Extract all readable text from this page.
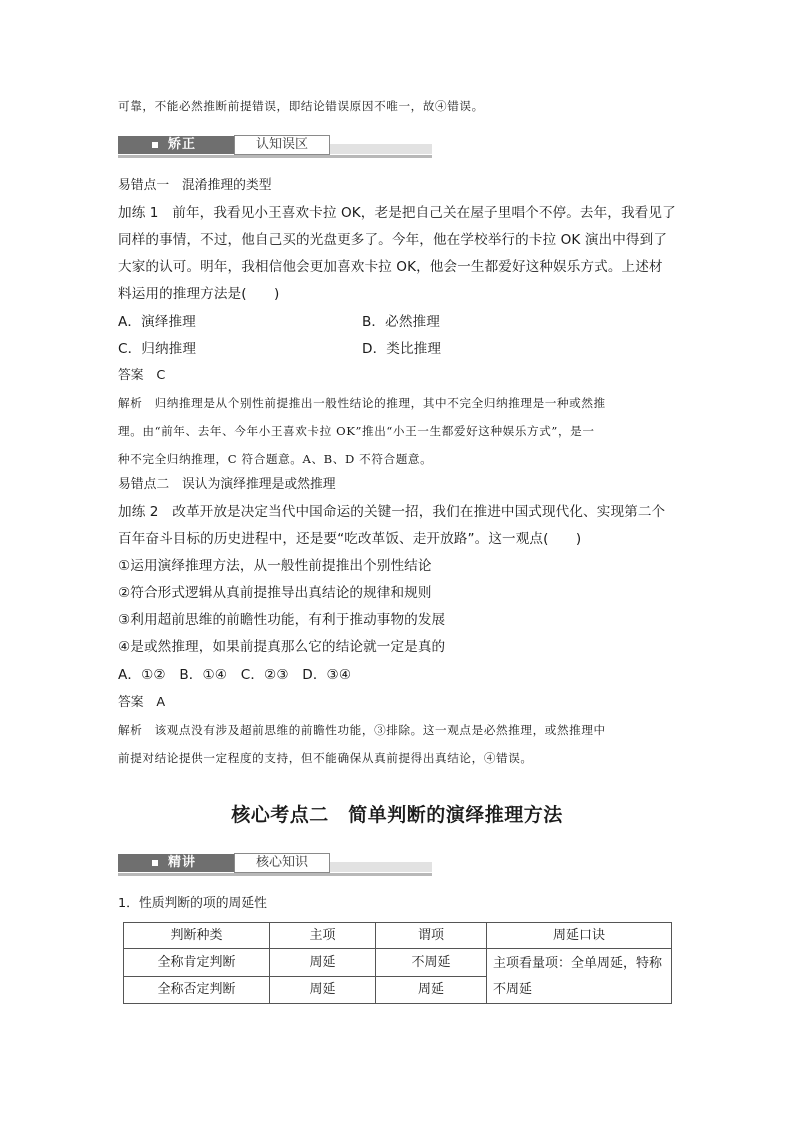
可靠，不能必然推断前提错误，即结论错误原因不唯一，故④错误。
矫正	认知误区
易错点一　混淆推理的类型
加练 1　前年，我看见小王喜欢卡拉 OK，老是把自己关在屋子里唱个不停。去年，我看见了
同样的事情，不过，他自己买的光盘更多了。今年，他在学校举行的卡拉 OK 演出中得到了
大家的认可。明年，我相信他会更加喜欢卡拉 OK，他会一生都爱好这种娱乐方式。上述材
料运用的推理方法是(　　)
A．演绎推理	B．必然推理
C．归纳推理	D．类比推理
答案　C
解析　归纳推理是从个别性前提推出一般性结论的推理，其中不完全归纳推理是一种或然推
理。由“前年、去年、今年小王喜欢卡拉 OK”推出“小王一生都爱好这种娱乐方式”，是一
种不完全归纳推理，C 符合题意。A、B、D 不符合题意。
易错点二　误认为演绎推理是或然推理
加练 2　改革开放是决定当代中国命运的关键一招，我们在推进中国式现代化、实现第二个
百年奋斗目标的历史进程中，还是要“吃改革饭、走开放路”。这一观点(　　)
①运用演绎推理方法，从一般性前提推出个别性结论
②符合形式逻辑从真前提推导出真结论的规律和规则
③利用超前思维的前瞻性功能，有利于推动事物的发展
④是或然推理，如果前提真那么它的结论就一定是真的
A．①②　B．①④　C．②③　D．③④
答案　A
解析　该观点没有涉及超前思维的前瞻性功能，③排除。这一观点是必然推理，或然推理中
前提对结论提供一定程度的支持，但不能确保从真前提得出真结论，④错误。
核心考点二　简单判断的演绎推理方法
精讲	核心知识
1．性质判断的项的周延性
判断种类	主项	谓项	周延口诀
全称肯定判断	周延	不周延	主项看量项：全单周延，特称不周延
全称否定判断	周延	周延	
